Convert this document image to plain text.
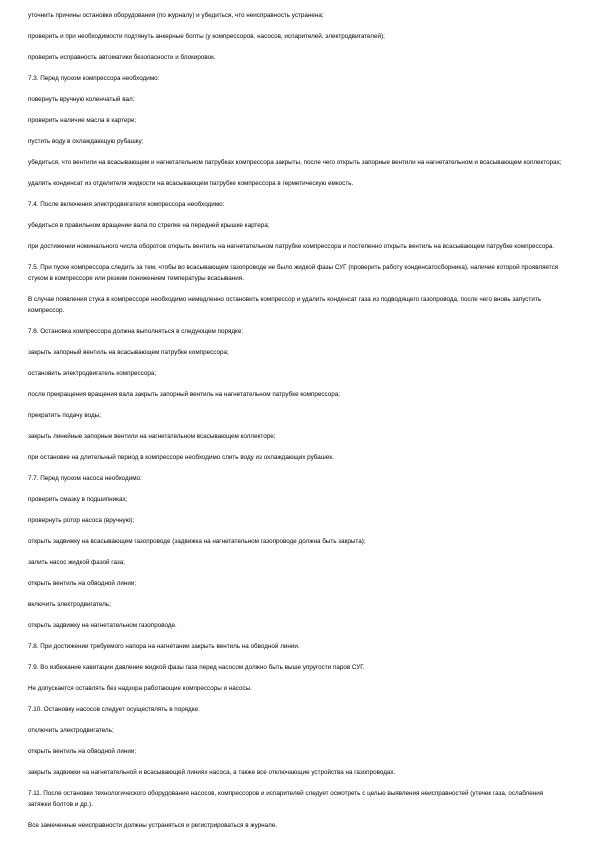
уточнить причины остановки оборудования (по журналу) и убедиться, что неисправность устранена;

проверить и при необходимости подтянуть анкерные болты (у компрессоров, насосов, испарителей, электродвигателей);

проверить исправность автоматики безопасности и блокировок.

7.3. Перед пуском компрессора необходимо:

повернуть вручную коленчатый вал;

проверить наличие масла в картере;

пустить воду в охлаждающую рубашку;

убедиться, что вентили на всасывающем и нагнетательном патрубках компрессора закрыты, после чего открыть запорные вентили на нагнетательном и всасывающем коллекторах;

удалить конденсат из отделителя жидкости на всасывающем патрубке компрессора в герметическую емкость.

7.4. После включения электродвигателя компрессора необходимо:

убедиться в правильном вращении вала по стрелке на передней крышке картера;

при достижении номинального числа оборотов открыть вентиль на нагнетательном патрубке компрессора и постепенно открыть вентиль на всасывающем патрубке компрессора.

7.5. При пуске компрессора следить за тем, чтобы во всасывающем газопроводе не было жидкой фазы СУГ (проверить работу конденсатосборника), наличие которой проявляется стуком в компрессоре или резким понижением температуры всасывания.

В случае появления стука в компрессоре необходимо немедленно остановить компрессор и удалить конденсат газа из подводящего газопровода, после чего вновь запустить компрессор.

7.6. Остановка компрессора должна выполняться в следующем порядке:

закрыть запорный вентиль на всасывающем патрубке компрессора;

остановить электродвигатель компрессора;

после прекращения вращения вала закрыть запорный вентиль на нагнетательном патрубке компрессора;

прекратить подачу воды;

закрыть линейные запорные вентили на нагнетательном всасывающем коллекторе;

при остановке на длительный период в компрессоре необходимо слить воду из охлаждающих рубашек.

7.7. Перед пуском насоса необходимо:

проверить смазку в подшипниках;

провернуть ротор насоса (вручную);

открыть задвижку на всасывающем газопроводе (задвижка на нагнетательном газопроводе должна быть закрыта);

залить насос жидкой фазой газа;

открыть вентиль на обводной линии;

включить электродвигатель;

открыть задвижку на нагнетательном газопроводе.

7.8. При достижении требуемого напора на нагнетании закрыть вентиль на обводной линии.

7.9. Во избежание кавитации давление жидкой фазы газа перед насосом должно быть выше упругости паров СУГ.

Не допускается оставлять без надзора работающие компрессоры и насосы.

7.10. Остановку насосов следует осуществлять в порядке:

отключить электродвигатель;

открыть вентиль на обводной линии;

закрыть задвижки на нагнетательной и всасывающей линиях насоса, а также все отключающие устройства на газопроводах.

7.11. После остановки технологического оборудования насосов, компрессоров и испарителей следует осмотреть с целью выявления неисправностей (утечек газа, ослабления затяжки болтов и др.).

Все замеченные неисправности должны устраняться и регистрироваться в журнале.
